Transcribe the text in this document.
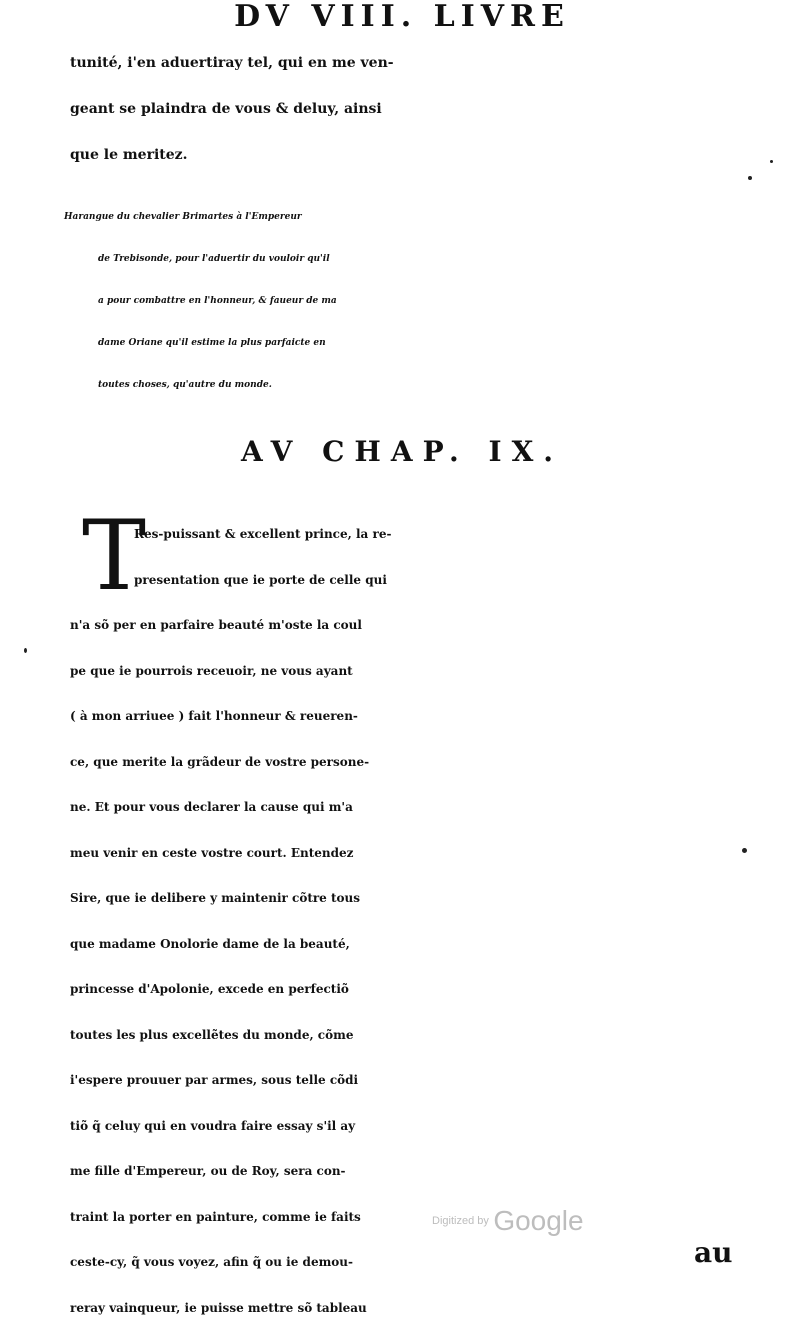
DV VIII. LIVRE
tunité, i'en aduertiray tel, qui en me ven-
geant se plaindra de vous & deluy, ainsi
que le meritez.
Harangue du chevalier Brimartes à l'Empereur
de Trebisonde, pour l'aduertir du vouloir qu'il
a pour combattre en l'honneur, & faueur de ma
dame Oriane qu'il estime la plus parfaicte en
toutes choses, qu'autre du monde.
AV CHAP. IX.
T
Res-puissant & excellent prince, la re-
presentation que ie porte de celle qui
n'a sõ per en parfaire beauté m'oste la coul
pe que ie pourrois receuoir, ne vous ayant
( à mon arriuee ) fait l'honneur & reueren-
ce, que merite la grãdeur de vostre persone-
ne. Et pour vous declarer la cause qui m'a
meu venir en ceste vostre court. Entendez
Sire, que ie delibere y maintenir cõtre tous
que madame Onolorie dame de la beauté,
princesse d'Apolonie, excede en perfectiõ
toutes les plus excellẽtes du monde, cõme
i'espere prouuer par armes, sous telle cõdi
tiõ q̃ celuy qui en voudra faire essay s'il ay
me fille d'Empereur, ou de Roy, sera con-
traint la porter en painture, comme ie faits
ceste-cy, q̃ vous voyez, afin q̃ ou ie demou-
reray vainqueur, ie puisse mettre sõ tableau
Digitized by Google
au
